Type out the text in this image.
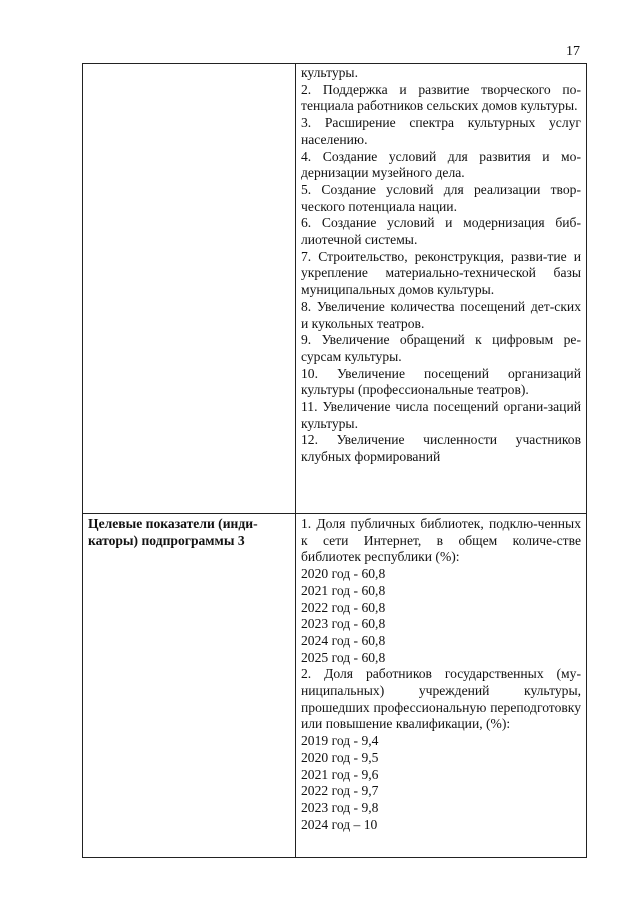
17

культуры.

2. Поддержка и развитие творческого по-тенциала работников сельских домов культуры.

3. Расширение спектра культурных услуг населению.

4. Создание условий для развития и мо-дернизации музейного дела.

5. Создание условий для реализации твор-ческого потенциала нации.

6. Создание условий и модернизация биб-лиотечной системы.

7. Строительство, реконструкция, разви-тие и укрепление материально-технической базы муниципальных домов культуры.

8. Увеличение количества посещений дет-ских и кукольных театров.

9. Увеличение обращений к цифровым ре-сурсам культуры.

10. Увеличение посещений организаций культуры (профессиональные театров).

11. Увеличение числа посещений органи-заций культуры.

12. Увеличение численности участников клубных формирований

Целевые показатели (инди-каторы) подпрограммы 3

1. Доля публичных библиотек, подклю-ченных к сети Интернет, в общем количе-стве библиотек республики (%):

2020 год - 60,8

2021 год - 60,8

2022 год - 60,8

2023 год - 60,8

2024 год - 60,8

2025 год - 60,8

2. Доля работников государственных (му-ниципальных) учреждений культуры, прошедших профессиональную переподготовку или повышение квалификации, (%):

2019 год - 9,4

2020 год - 9,5

2021 год - 9,6

2022 год - 9,7

2023 год - 9,8

2024 год – 10
